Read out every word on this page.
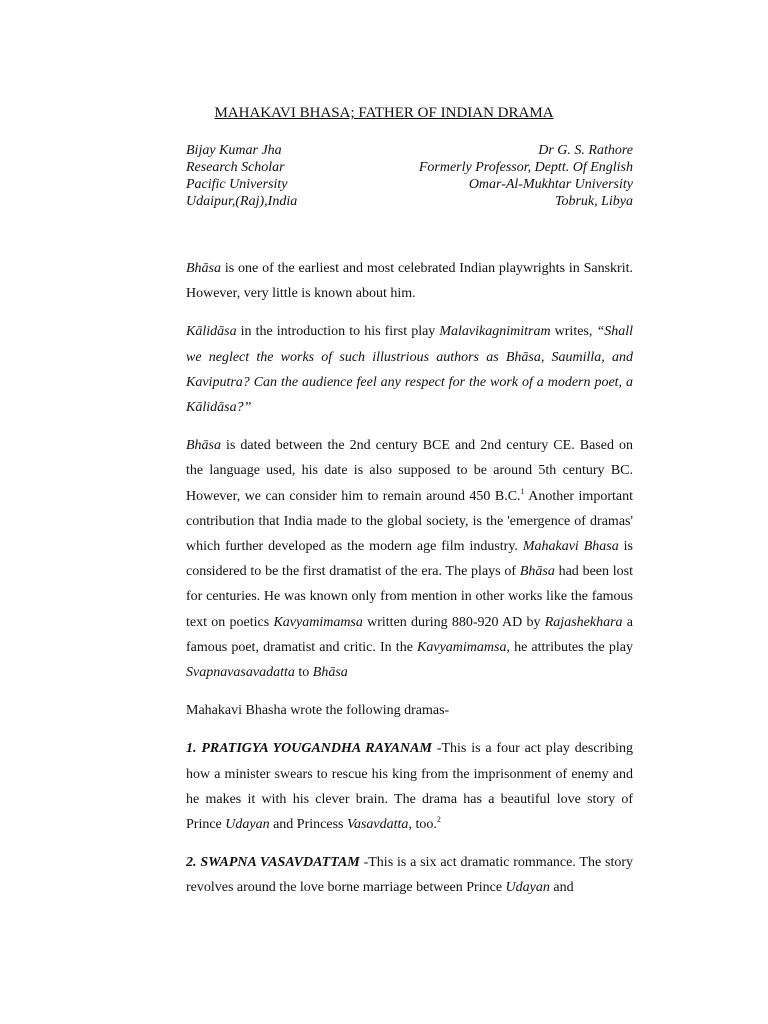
MAHAKAVI BHASA; FATHER OF INDIAN DRAMA
Bijay Kumar Jha
Research Scholar
Pacific University
Udaipur,(Raj),India
Dr G. S. Rathore
Formerly Professor, Deptt. Of English
Omar-Al-Mukhtar University
Tobruk, Libya

Bhāsa is one of the earliest and most celebrated Indian playwrights in Sanskrit. However, very little is known about him.

Kālidāsa in the introduction to his first play Malavikagnimitram writes, “Shall we neglect the works of such illustrious authors as Bhāsa, Saumilla, and Kaviputra? Can the audience feel any respect for the work of a modern poet, a Kālidāsa?”

Bhāsa is dated between the 2nd century BCE and 2nd century CE. Based on the language used, his date is also supposed to be around 5th century BC. However, we can consider him to remain around 450 B.C.$^1$ Another important contribution that India made to the global society, is the 'emergence of dramas' which further developed as the modern age film industry. Mahakavi Bhasa is considered to be the first dramatist of the era. The plays of Bhāsa had been lost for centuries. He was known only from mention in other works like the famous text on poetics Kavyamimamsa written during 880-920 AD by Rajashekhara a famous poet, dramatist and critic. In the Kavyamimamsa, he attributes the play Svapnavasavadatta to Bhāsa

Mahakavi Bhasha wrote the following dramas-

1. PRATIGYA YOUGANDHA RAYANAM -This is a four act play describing how a minister swears to rescue his king from the imprisonment of enemy and he makes it with his clever brain. The drama has a beautiful love story of Prince Udayan and Princess Vasavdatta, too.$^2$

2. SWAPNA VASAVDATTAM -This is a six act dramatic rommance. The story revolves around the love borne marriage between Prince Udayan and
